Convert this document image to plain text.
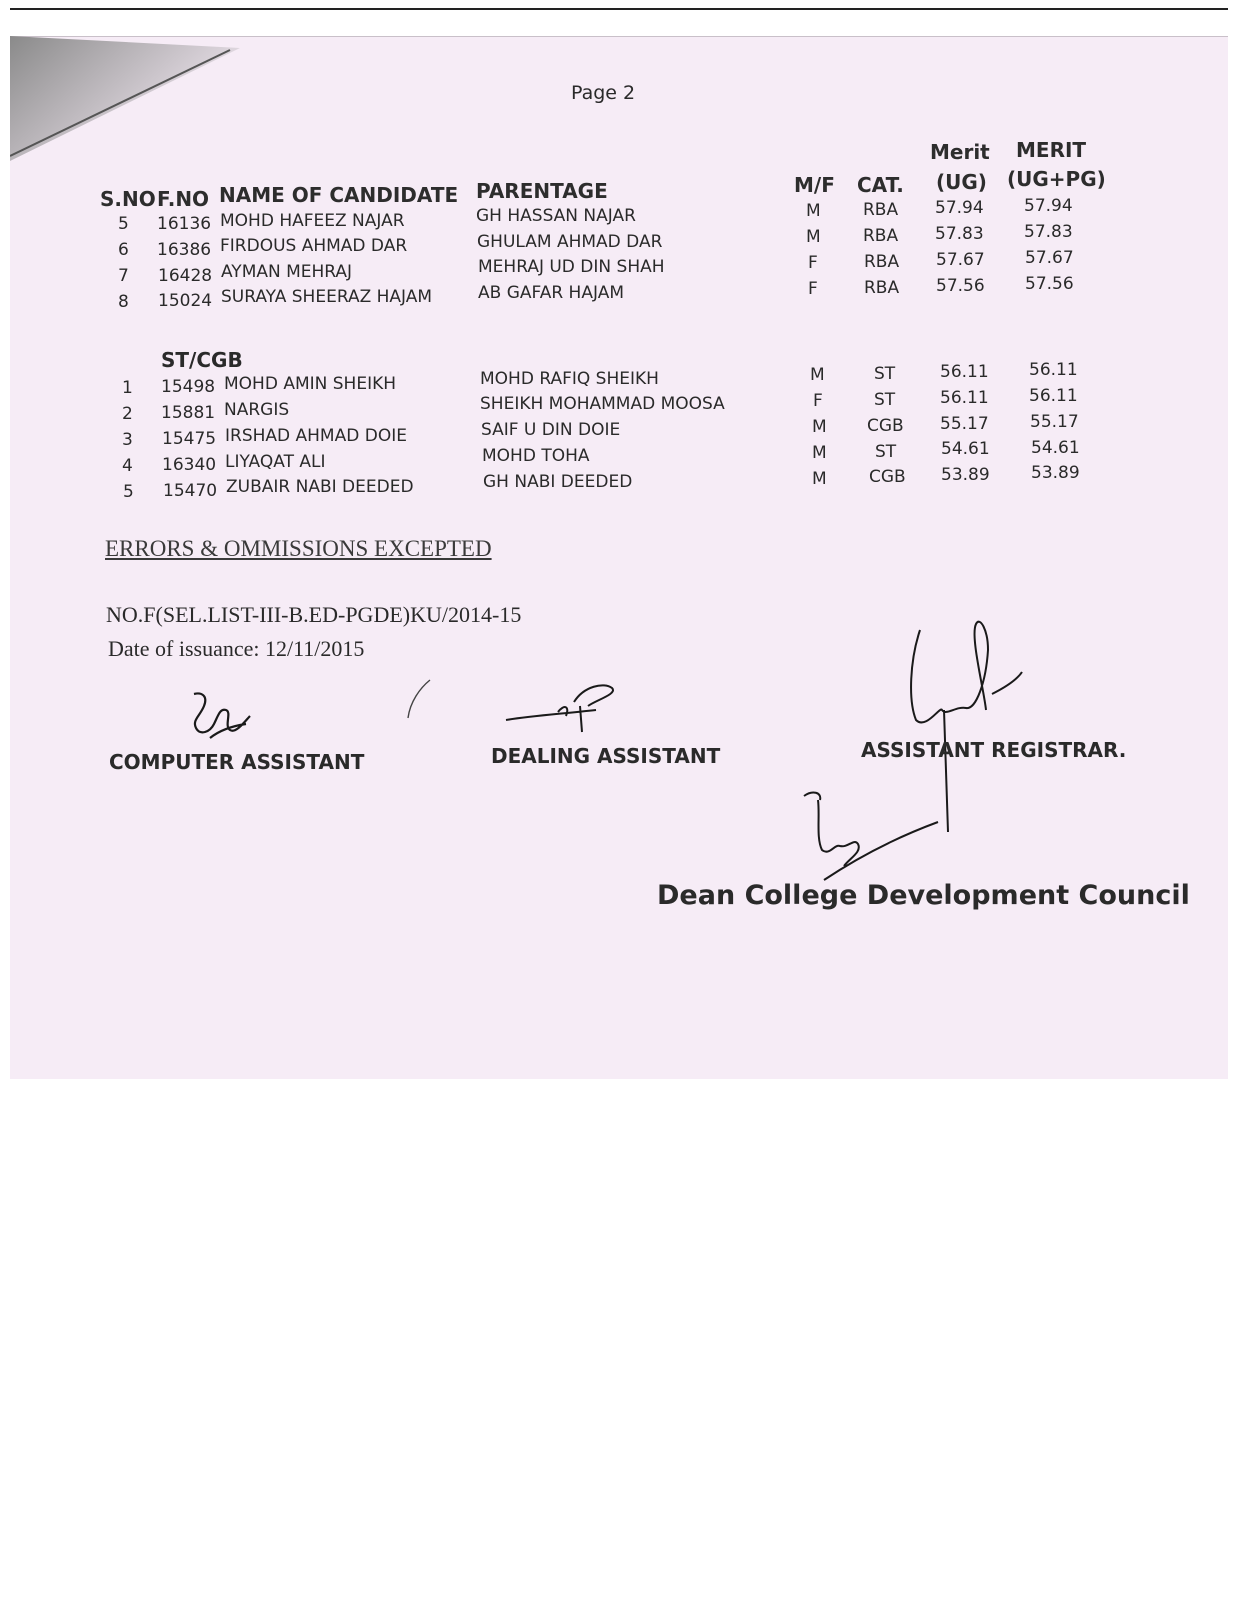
Page 2
S.NO F.NO NAME OF CANDIDATE PARENTAGE	M/F CAT.
Merit
(UG)
MERIT
(UG+PG)
5 16136 MOHD HAFEEZ NAJAR	GH HASSAN NAJAR	M RBA 57.94 57.94
6 16386 FIRDOUS AHMAD DAR	GHULAM AHMAD DAR	M RBA 57.83 57.83
7 16428 AYMAN MEHRAJ	MEHRAJ UD DIN SHAH	F	RBA 57.67 57.67
8 15024 SURAYA SHEERAZ HAJAM	AB GAFAR HAJAM	F	RBA 57.56 57.56
ST/CGB
1 15498 MOHD AMIN SHEIKH	MOHD RAFIQ SHEIKH	M	ST	56.11 56.11
2 15881 NARGIS	SHEIKH MOHAMMAD MOOSA	F	ST	56.11 56.11
3 15475 IRSHAD AHMAD DOIE	SAIF U DIN DOIE	M CGB 55.17 55.17
4 16340 LIYAQAT ALI	MOHD TOHA	M	ST	54.61 54.61
5 15470 ZUBAIR NABI DEEDED	GH NABI DEEDED	M CGB 53.89 53.89
ERRORS & OMMISSIONS EXCEPTED
NO.F(SEL.LIST-III-B.ED-PGDE)KU/2014-15
Date of issuance: 12/11/2015
COMPUTER ASSISTANT	DEALING ASSISTANT	ASSISTANT REGISTRAR.
Dean College Development Council
